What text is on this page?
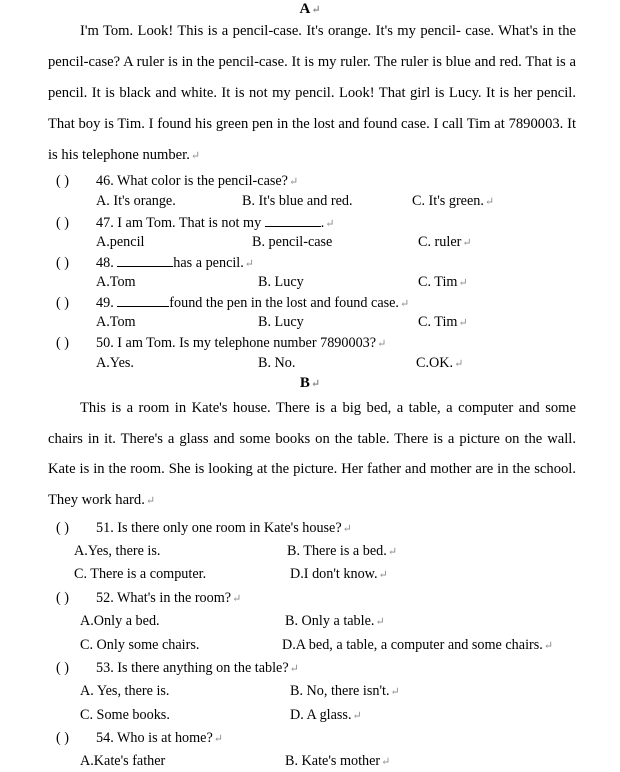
A↵

I'm Tom. Look! This is a pencil-case. It's orange. It's my pencil- case. What's in the pencil-case? A ruler is in the pencil-case. It is my ruler. The ruler is blue and red. That is a pencil. It is black and white. It is not my pencil. Look! That girl is Lucy. It is her pencil. That boy is Tim. I found his green pen in the lost and found case. I call Tim at 7890003. It is his telephone number.↵

( ) 46. What color is the pencil-case?↵
A. It's orange.	B. It's blue and red.	C. It's green.↵
( ) 47. I am Tom. That is not my	.↵
A.pencil	B. pencil-case	C. ruler↵
( ) 48.	has a pencil.↵
A.Tom	B. Lucy	C. Tim↵
( ) 49.	found the pen in the lost and found case.↵
A.Tom	B. Lucy	C. Tim↵
( ) 50. I am Tom. Is my telephone number 7890003?↵
A.Yes.	B. No.	C.OK.↵
B↵

This is a room in Kate's house. There is a big bed, a table, a computer and some chairs in it. There's a glass and some books on the table. There is a picture on the wall. Kate is in the room. She is looking at the picture. Her father and mother are in the school. They work hard.↵

( ) 51. Is there only one room in Kate's house?↵
A.Yes, there is.	B. There is a bed.↵
C. There is a computer.	D.I don't know.↵
( ) 52. What's in the room?↵
A.Only a bed.	B. Only a table.↵
C. Only some chairs.	D.A bed, a table, a computer and some chairs.↵
( ) 53. Is there anything on the table?↵
A. Yes, there is.	B. No, there isn't.↵
C. Some books.	D. A glass.↵
( ) 54. Who is at home?↵
A.Kate's father	B. Kate's mother↵
